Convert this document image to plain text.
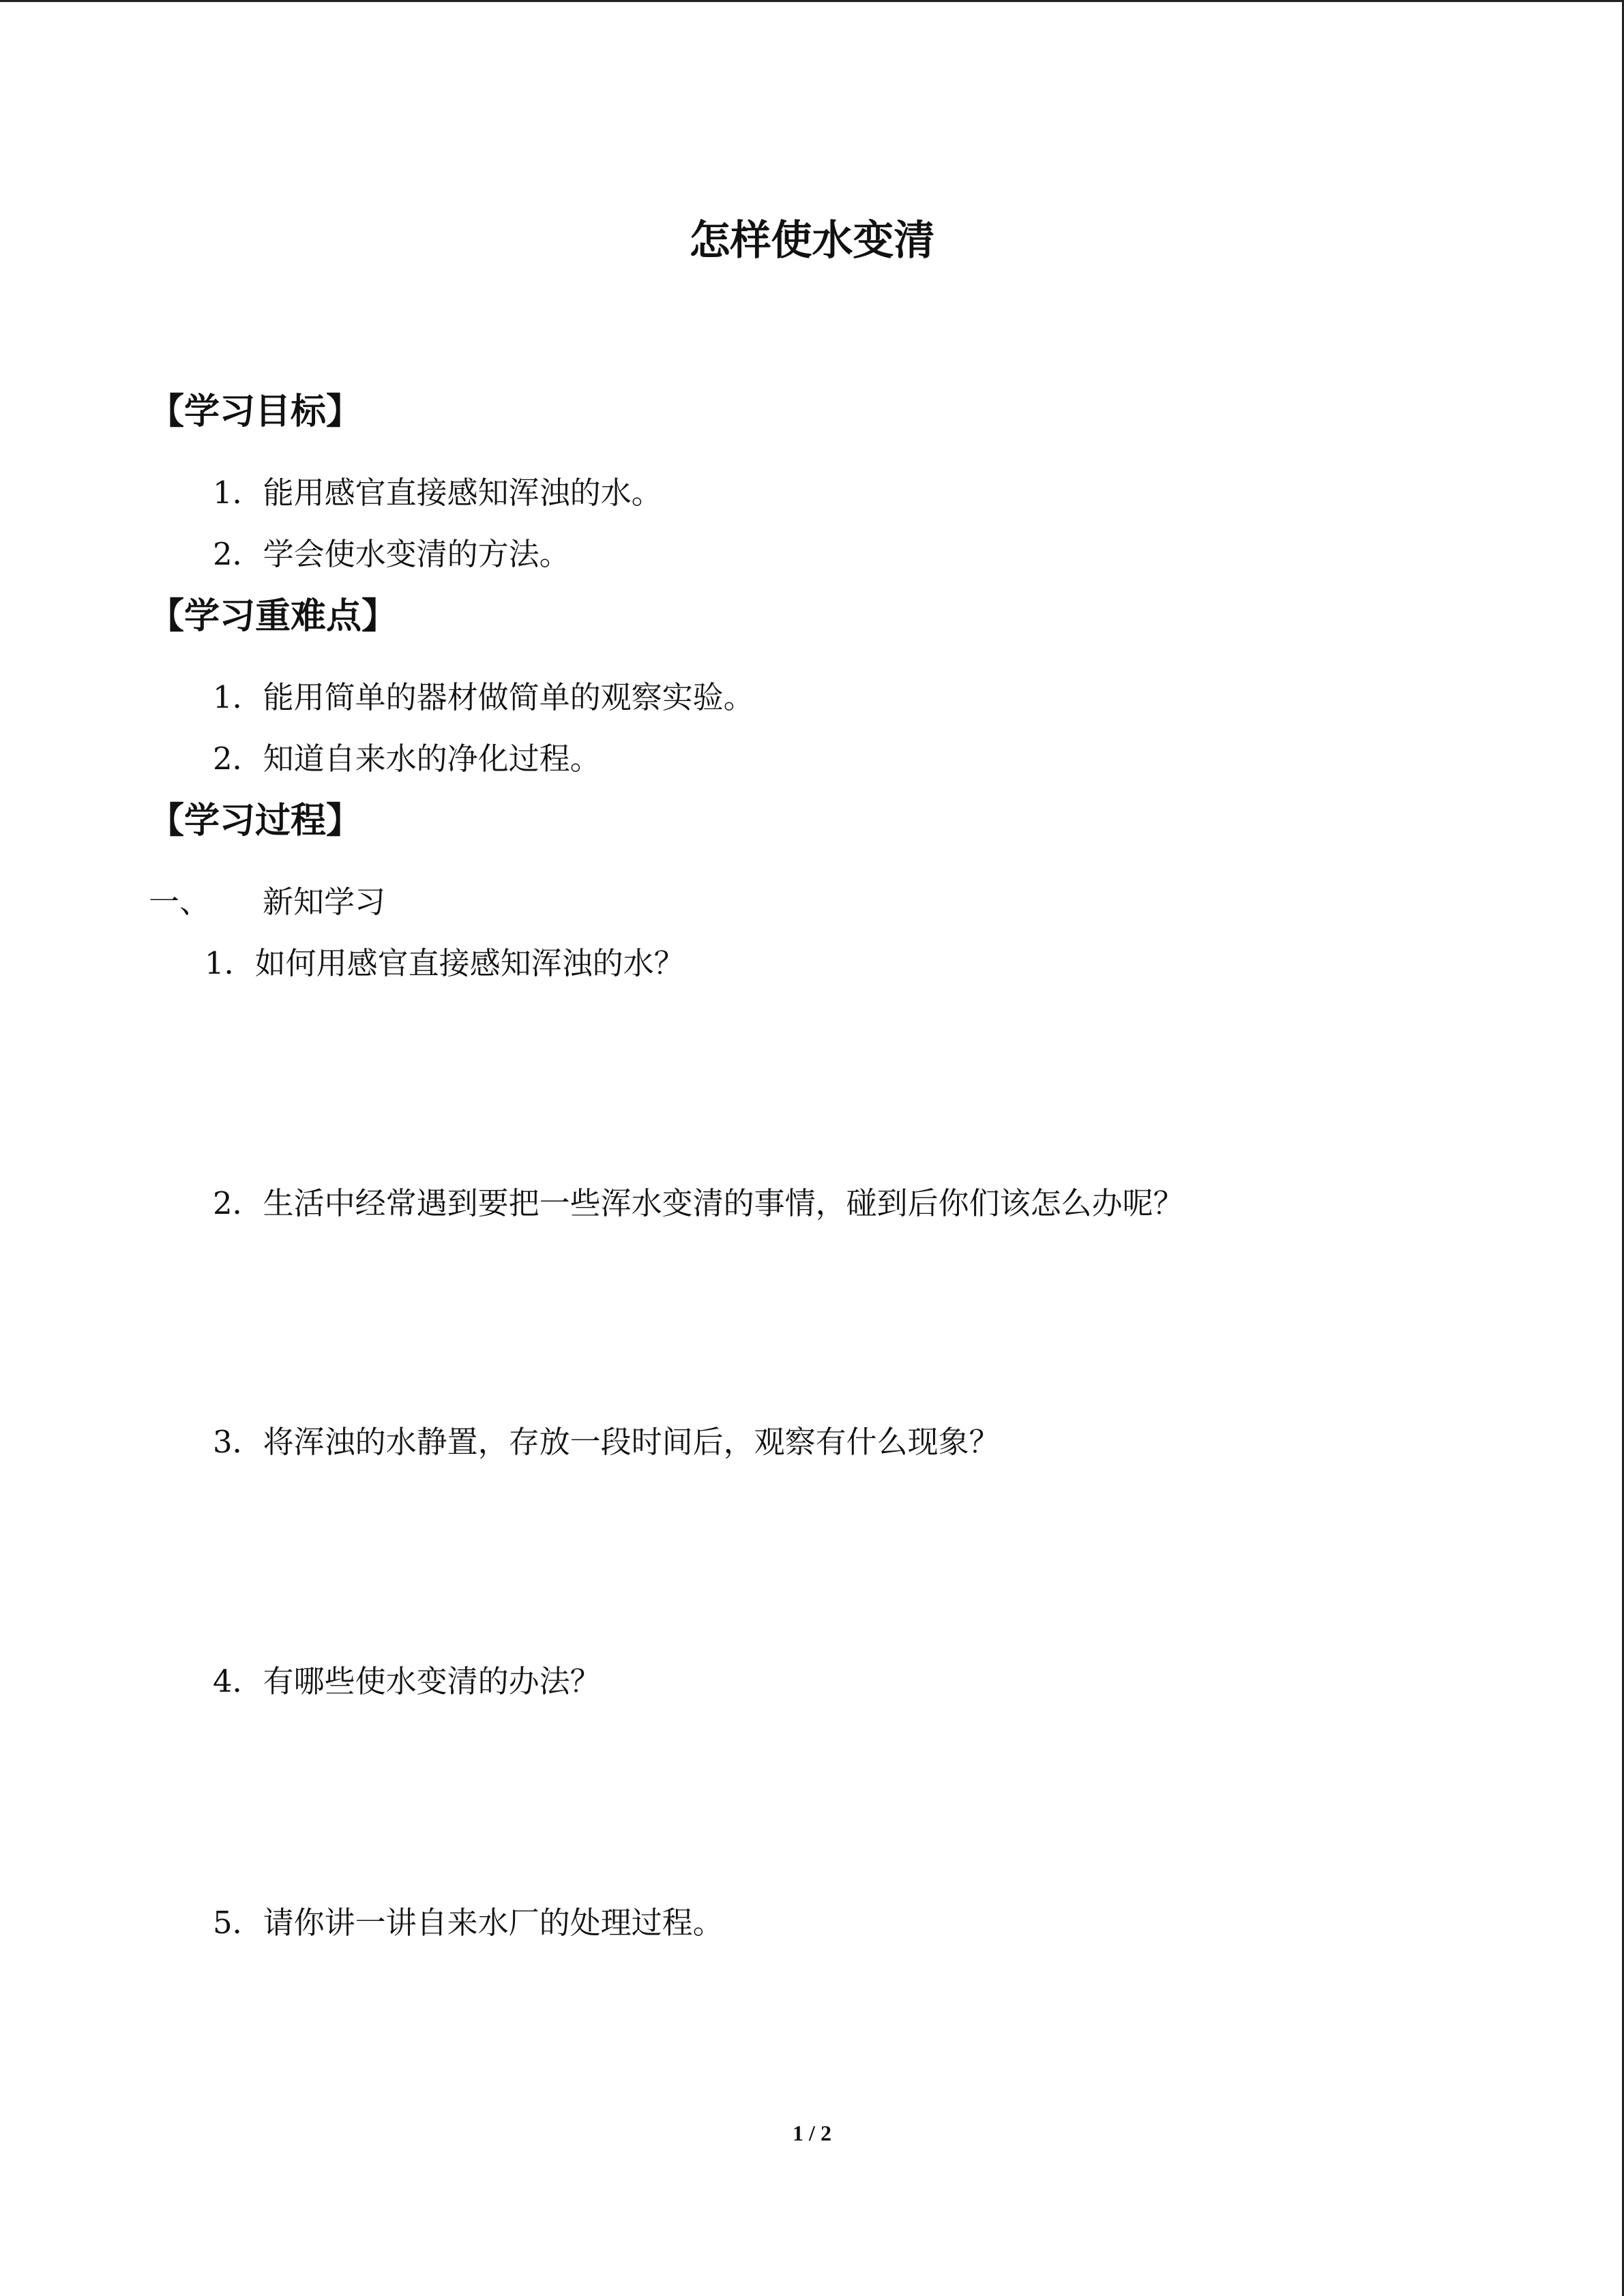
怎样使水变清
【学习目标】

1．能用感官直接感知浑浊的水。

2．学会使水变清的方法。

【学习重难点】

1．能用简单的器材做简单的观察实验。

2．知道自来水的净化过程。

【学习过程】
一、 新知学习

1．如何用感官直接感知浑浊的水？

2．生活中经常遇到要把一些浑水变清的事情，碰到后你们该怎么办呢？

3．将浑浊的水静置，存放一段时间后，观察有什么现象？

4．有哪些使水变清的办法？

5．请你讲一讲自来水厂的处理过程。

1 / 2
